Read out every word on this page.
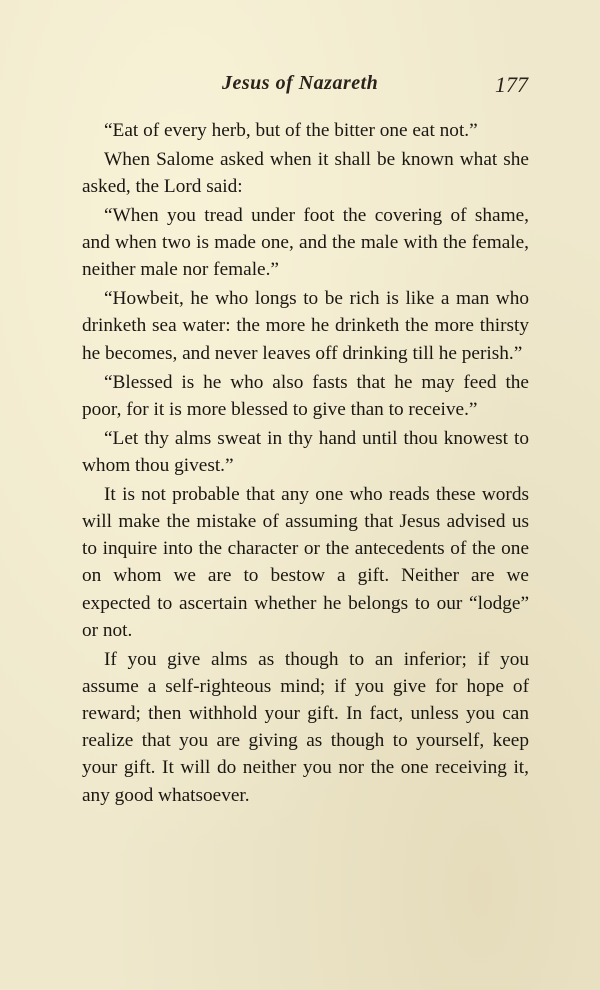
Jesus of Nazareth	177

“Eat of every herb, but of the bitter one eat not.”

When Salome asked when it shall be known what she asked, the Lord said:

“When you tread under foot the covering of shame, and when two is made one, and the male with the female, neither male nor female.”

“Howbeit, he who longs to be rich is like a man who drinketh sea water: the more he drinketh the more thirsty he becomes, and never leaves off drinking till he perish.”

“Blessed is he who also fasts that he may feed the poor, for it is more blessed to give than to receive.”

“Let thy alms sweat in thy hand until thou knowest to whom thou givest.”

It is not probable that any one who reads these words will make the mistake of assuming that Jesus advised us to inquire into the character or the antecedents of the one on whom we are to bestow a gift. Neither are we expected to ascertain whether he belongs to our “lodge” or not.

If you give alms as though to an inferior; if you assume a self-righteous mind; if you give for hope of reward; then withhold your gift. In fact, unless you can realize that you are giving as though to yourself, keep your gift. It will do neither you nor the one receiving it, any good whatsoever.
